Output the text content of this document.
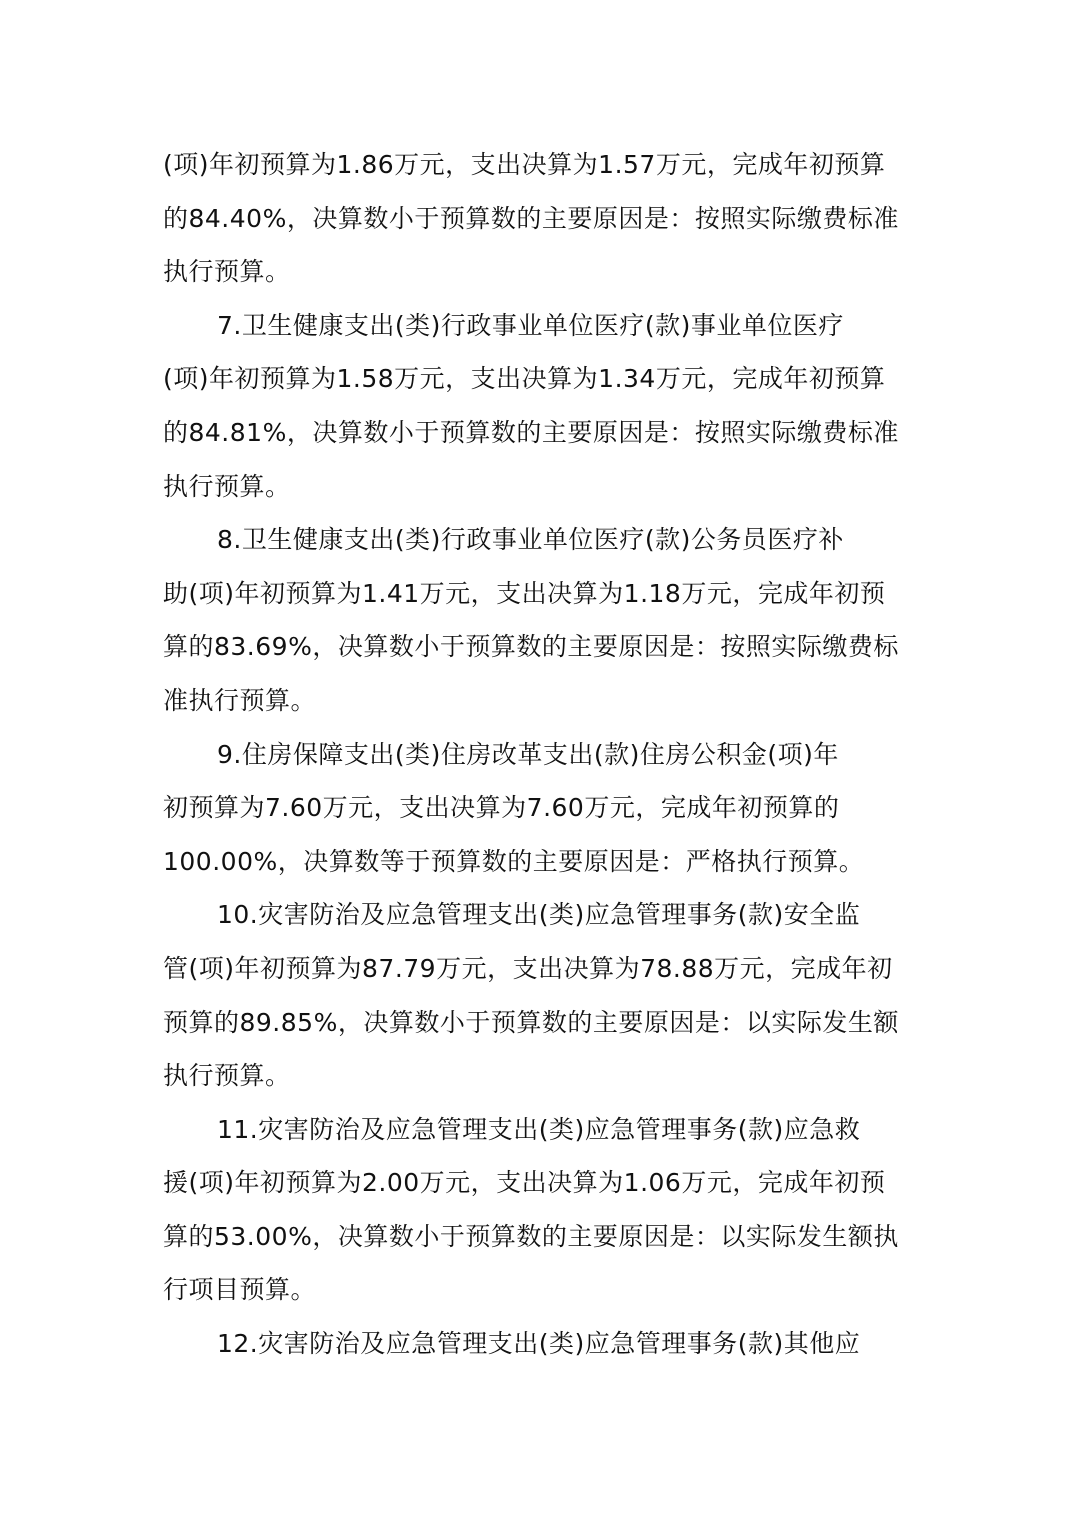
(项)年初预算为1.86万元，支出决算为1.57万元，完成年初预算
的84.40%，决算数小于预算数的主要原因是：按照实际缴费标准
执行预算。
7.卫生健康支出(类)行政事业单位医疗(款)事业单位医疗
(项)年初预算为1.58万元，支出决算为1.34万元，完成年初预算
的84.81%，决算数小于预算数的主要原因是：按照实际缴费标准
执行预算。
8.卫生健康支出(类)行政事业单位医疗(款)公务员医疗补
助(项)年初预算为1.41万元，支出决算为1.18万元，完成年初预
算的83.69%，决算数小于预算数的主要原因是：按照实际缴费标
准执行预算。
9.住房保障支出(类)住房改革支出(款)住房公积金(项)年
初预算为7.60万元，支出决算为7.60万元，完成年初预算的
100.00%，决算数等于预算数的主要原因是：严格执行预算。
10.灾害防治及应急管理支出(类)应急管理事务(款)安全监
管(项)年初预算为87.79万元，支出决算为78.88万元，完成年初
预算的89.85%，决算数小于预算数的主要原因是：以实际发生额
执行预算。
11.灾害防治及应急管理支出(类)应急管理事务(款)应急救
援(项)年初预算为2.00万元，支出决算为1.06万元，完成年初预
算的53.00%，决算数小于预算数的主要原因是：以实际发生额执
行项目预算。
12.灾害防治及应急管理支出(类)应急管理事务(款)其他应
